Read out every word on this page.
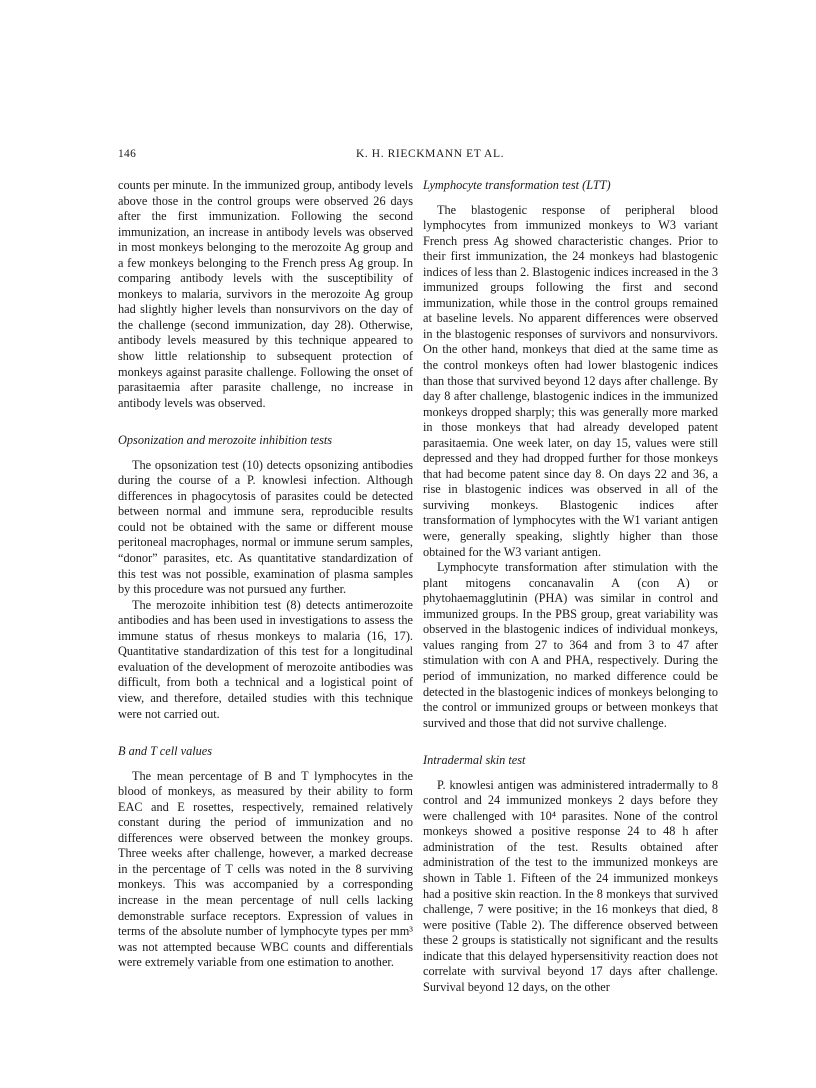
146	K. H. RIECKMANN ET AL.

counts per minute. In the immunized group, antibody levels above those in the control groups were observed 26 days after the first immunization. Following the second immunization, an increase in antibody levels was observed in most monkeys belonging to the merozoite Ag group and a few monkeys belonging to the French press Ag group. In comparing antibody levels with the susceptibility of monkeys to malaria, survivors in the merozoite Ag group had slightly higher levels than nonsurvivors on the day of the challenge (second immunization, day 28). Otherwise, antibody levels measured by this technique appeared to show little relationship to subsequent protection of monkeys against parasite challenge. Following the onset of parasitaemia after parasite challenge, no increase in antibody levels was observed.

Opsonization and merozoite inhibition tests

The opsonization test (10) detects opsonizing antibodies during the course of a P. knowlesi infection. Although differences in phagocytosis of parasites could be detected between normal and immune sera, reproducible results could not be obtained with the same or different mouse peritoneal macrophages, normal or immune serum samples, “donor” parasites, etc. As quantitative standardization of this test was not possible, examination of plasma samples by this procedure was not pursued any further.

The merozoite inhibition test (8) detects antimerozoite antibodies and has been used in investigations to assess the immune status of rhesus monkeys to malaria (16, 17). Quantitative standardization of this test for a longitudinal evaluation of the development of merozoite antibodies was difficult, from both a technical and a logistical point of view, and therefore, detailed studies with this technique were not carried out.

B and T cell values

The mean percentage of B and T lymphocytes in the blood of monkeys, as measured by their ability to form EAC and E rosettes, respectively, remained relatively constant during the period of immunization and no differences were observed between the monkey groups. Three weeks after challenge, however, a marked decrease in the percentage of T cells was noted in the 8 surviving monkeys. This was accompanied by a corresponding increase in the mean percentage of null cells lacking demonstrable surface receptors. Expression of values in terms of the absolute number of lymphocyte types per mm³ was not attempted because WBC counts and differentials were extremely variable from one estimation to another.

Lymphocyte transformation test (LTT)

The blastogenic response of peripheral blood lymphocytes from immunized monkeys to W3 variant French press Ag showed characteristic changes. Prior to their first immunization, the 24 monkeys had blastogenic indices of less than 2. Blastogenic indices increased in the 3 immunized groups following the first and second immunization, while those in the control groups remained at baseline levels. No apparent differences were observed in the blastogenic responses of survivors and nonsurvivors. On the other hand, monkeys that died at the same time as the control monkeys often had lower blastogenic indices than those that survived beyond 12 days after challenge. By day 8 after challenge, blastogenic indices in the immunized monkeys dropped sharply; this was generally more marked in those monkeys that had already developed patent parasitaemia. One week later, on day 15, values were still depressed and they had dropped further for those monkeys that had become patent since day 8. On days 22 and 36, a rise in blastogenic indices was observed in all of the surviving monkeys. Blastogenic indices after transformation of lymphocytes with the W1 variant antigen were, generally speaking, slightly higher than those obtained for the W3 variant antigen.

Lymphocyte transformation after stimulation with the plant mitogens concanavalin A (con A) or phytohaemagglutinin (PHA) was similar in control and immunized groups. In the PBS group, great variability was observed in the blastogenic indices of individual monkeys, values ranging from 27 to 364 and from 3 to 47 after stimulation with con A and PHA, respectively. During the period of immunization, no marked difference could be detected in the blastogenic indices of monkeys belonging to the control or immunized groups or between monkeys that survived and those that did not survive challenge.

Intradermal skin test

P. knowlesi antigen was administered intradermally to 8 control and 24 immunized monkeys 2 days before they were challenged with 10⁴ parasites. None of the control monkeys showed a positive response 24 to 48 h after administration of the test. Results obtained after administration of the test to the immunized monkeys are shown in Table 1. Fifteen of the 24 immunized monkeys had a positive skin reaction. In the 8 monkeys that survived challenge, 7 were positive; in the 16 monkeys that died, 8 were positive (Table 2). The difference observed between these 2 groups is statistically not significant and the results indicate that this delayed hypersensitivity reaction does not correlate with survival beyond 17 days after challenge. Survival beyond 12 days, on the other
